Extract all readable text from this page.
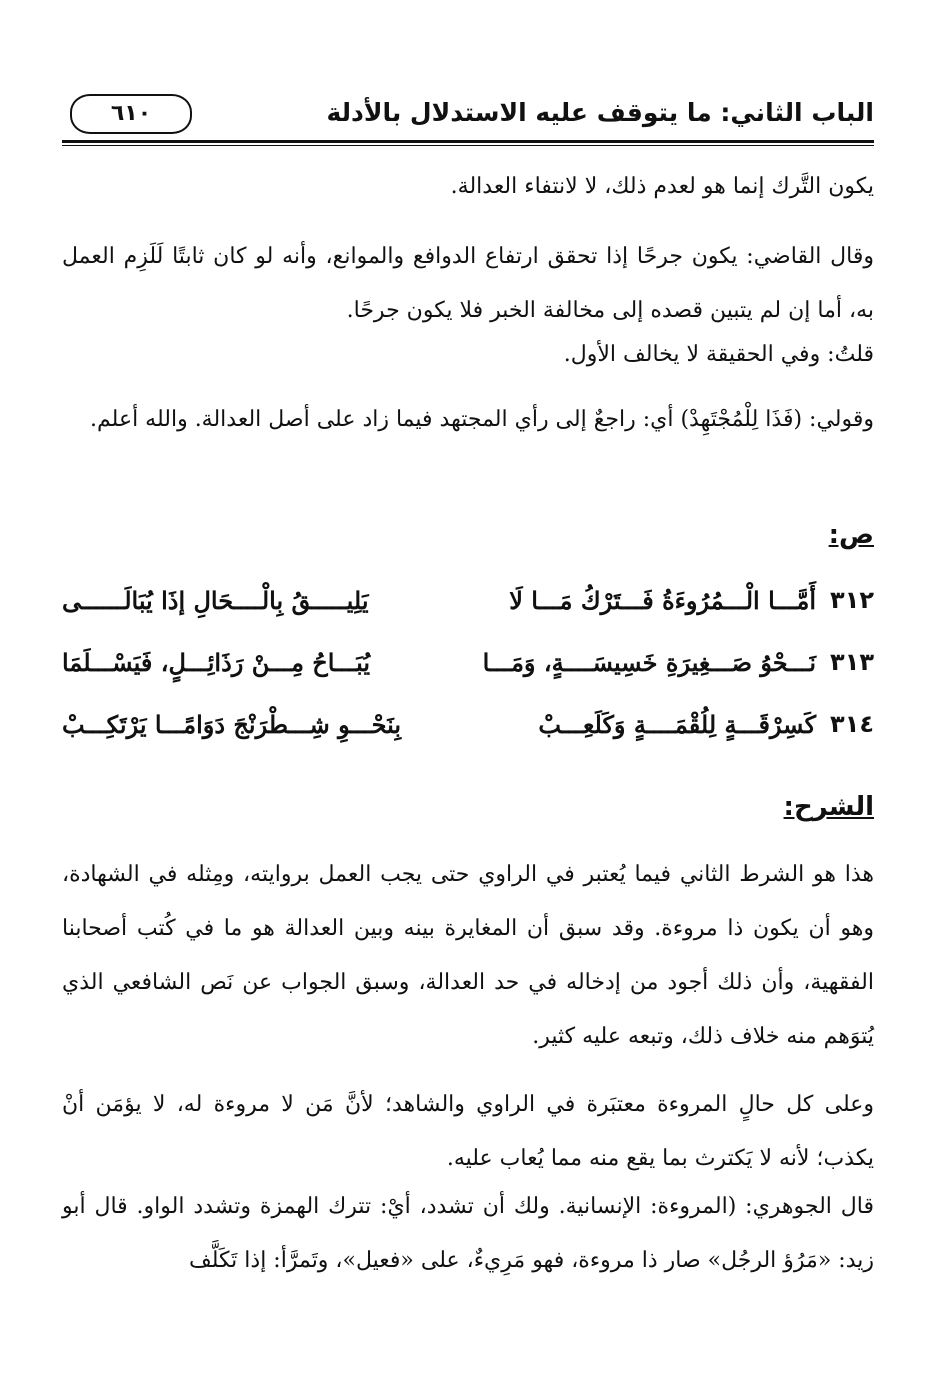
الباب الثاني: ما يتوقف عليه الاستدلال بالأدلة
٦١٠
يكون التَّرك إنما هو لعدم ذلك، لا لانتفاء العدالة.
وقال القاضي: يكون جرحًا إذا تحقق ارتفاع الدوافع والموانع، وأنه لو كان ثابتًا لَلَزِم العمل به، أما إن لم يتبين قصده إلى مخالفة الخبر فلا يكون جرحًا.
قلتُ: وفي الحقيقة لا يخالف الأول.
وقولي: (فَذَا لِلْمُجْتَهِدْ) أي: راجعٌ إلى رأي المجتهد فيما زاد على أصل العدالة. والله أعلم.
ص:
٣١٢
أَمَّـــا الْـــمُرُوءَةُ فَـــتَرْكُ مَـــا لَا
يَلِيـــــقُ بِالْــــحَالِ إذَا يُبَالَــــــى
٣١٣
نَـــحْوُ صَـــغِيرَةِ خَسِيسَــــةٍ، وَمَـــا
يُبَـــاحُ مِـــنْ رَذَائِـــلٍ، فَيَسْـــلَمَا
٣١٤
كَسِرْقَـــةٍ لِلُقْمَــــةٍ وَكَلَعِـــبْ
بِنَحْـــوِ شِـــطْرَنْجَ دَوَامًـــا يَرْتَكِـــبْ
الشرح:
هذا هو الشرط الثاني فيما يُعتبر في الراوي حتى يجب العمل بروايته، ومِثله في الشهادة، وهو أن يكون ذا مروءة. وقد سبق أن المغايرة بينه وبين العدالة هو ما في كُتب أصحابنا الفقهية، وأن ذلك أجود من إدخاله في حد العدالة، وسبق الجواب عن نَص الشافعي الذي يُتوَهم منه خلاف ذلك، وتبعه عليه كثير.
وعلى كل حالٍ المروءة معتبَرة في الراوي والشاهد؛ لأنَّ مَن لا مروءة له، لا يؤمَن أنْ يكذب؛ لأنه لا يَكترث بما يقع منه مما يُعاب عليه.
قال الجوهري: (المروءة: الإنسانية. ولك أن تشدد، أيْ: تترك الهمزة وتشدد الواو. قال أبو زيد: «مَرُؤ الرجُل» صار ذا مروءة، فهو مَرِيءٌ، على «فعيل»، وتَمرَّأ: إذا تَكَلَّف
